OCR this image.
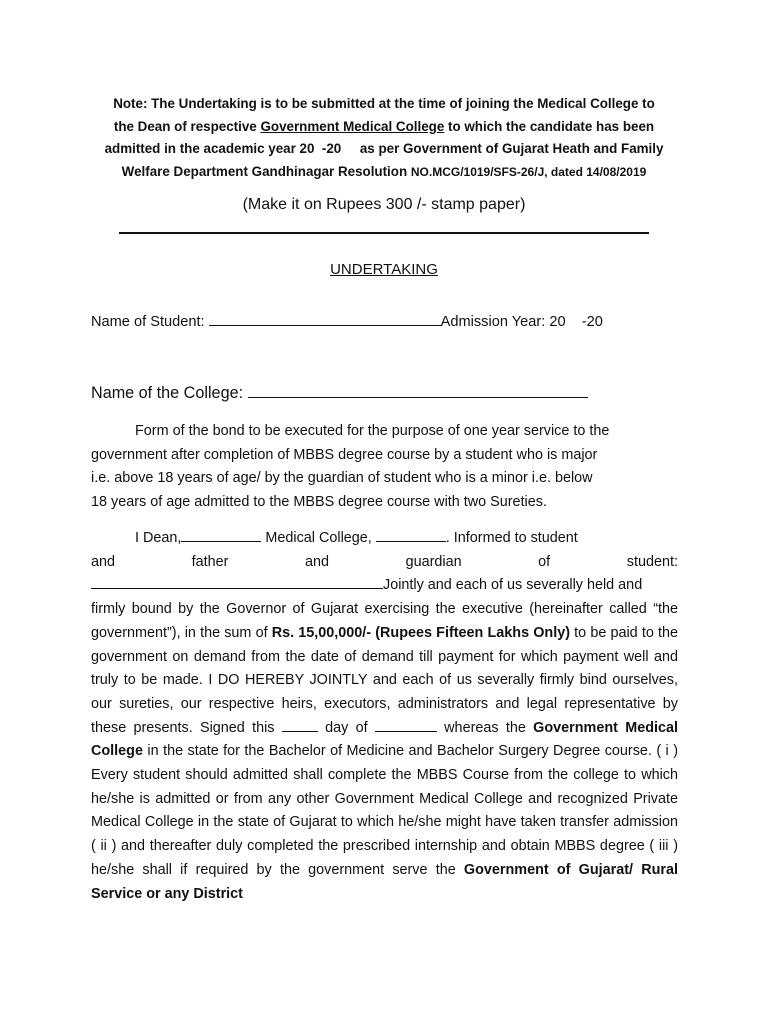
Note: The Undertaking is to be submitted at the time of joining the Medical College to
the Dean of respective Government Medical College to which the candidate has been
admitted in the academic year 20  -20     as per Government of Gujarat Heath and Family
Welfare Department Gandhinagar Resolution NO.MCG/1019/SFS-26/J, dated 14/08/2019
(Make it on Rupees 300 /- stamp paper)
UNDERTAKING
Name of Student:	Admission Year: 20    -20
Name of the College:
Form of the bond to be executed for the purpose of one year service to the
government after completion of MBBS degree course by a student who is major
i.e. above 18 years of age/ by the guardian of student who is a minor i.e. below
18 years of age admitted to the MBBS degree course with two Sureties.
I Dean,	Medical College,	. Informed to student
and	father	and	guardian	of	student:
Jointly and each of us severally held and
firmly bound by the Governor of Gujarat exercising the executive (hereinafter called “the government”), in the sum of Rs. 15,00,000/- (Rupees Fifteen Lakhs Only) to be paid to the government on demand from the date of demand till payment for which payment well and truly to be made. I DO HEREBY JOINTLY and each of us severally firmly bind ourselves, our sureties, our respective heirs, executors, administrators and legal representative by these presents. Signed this	day of	whereas the Government Medical College in the state for the Bachelor of Medicine and Bachelor Surgery Degree course. ( i ) Every student should admitted shall complete the MBBS Course from the college to which he/she is admitted or from any other Government Medical College and recognized Private Medical College in the state of Gujarat to which he/she might have taken transfer admission ( ii ) and thereafter duly completed the prescribed internship and obtain MBBS degree ( iii ) he/she shall if required by the government serve the Government of Gujarat/ Rural Service or any District
